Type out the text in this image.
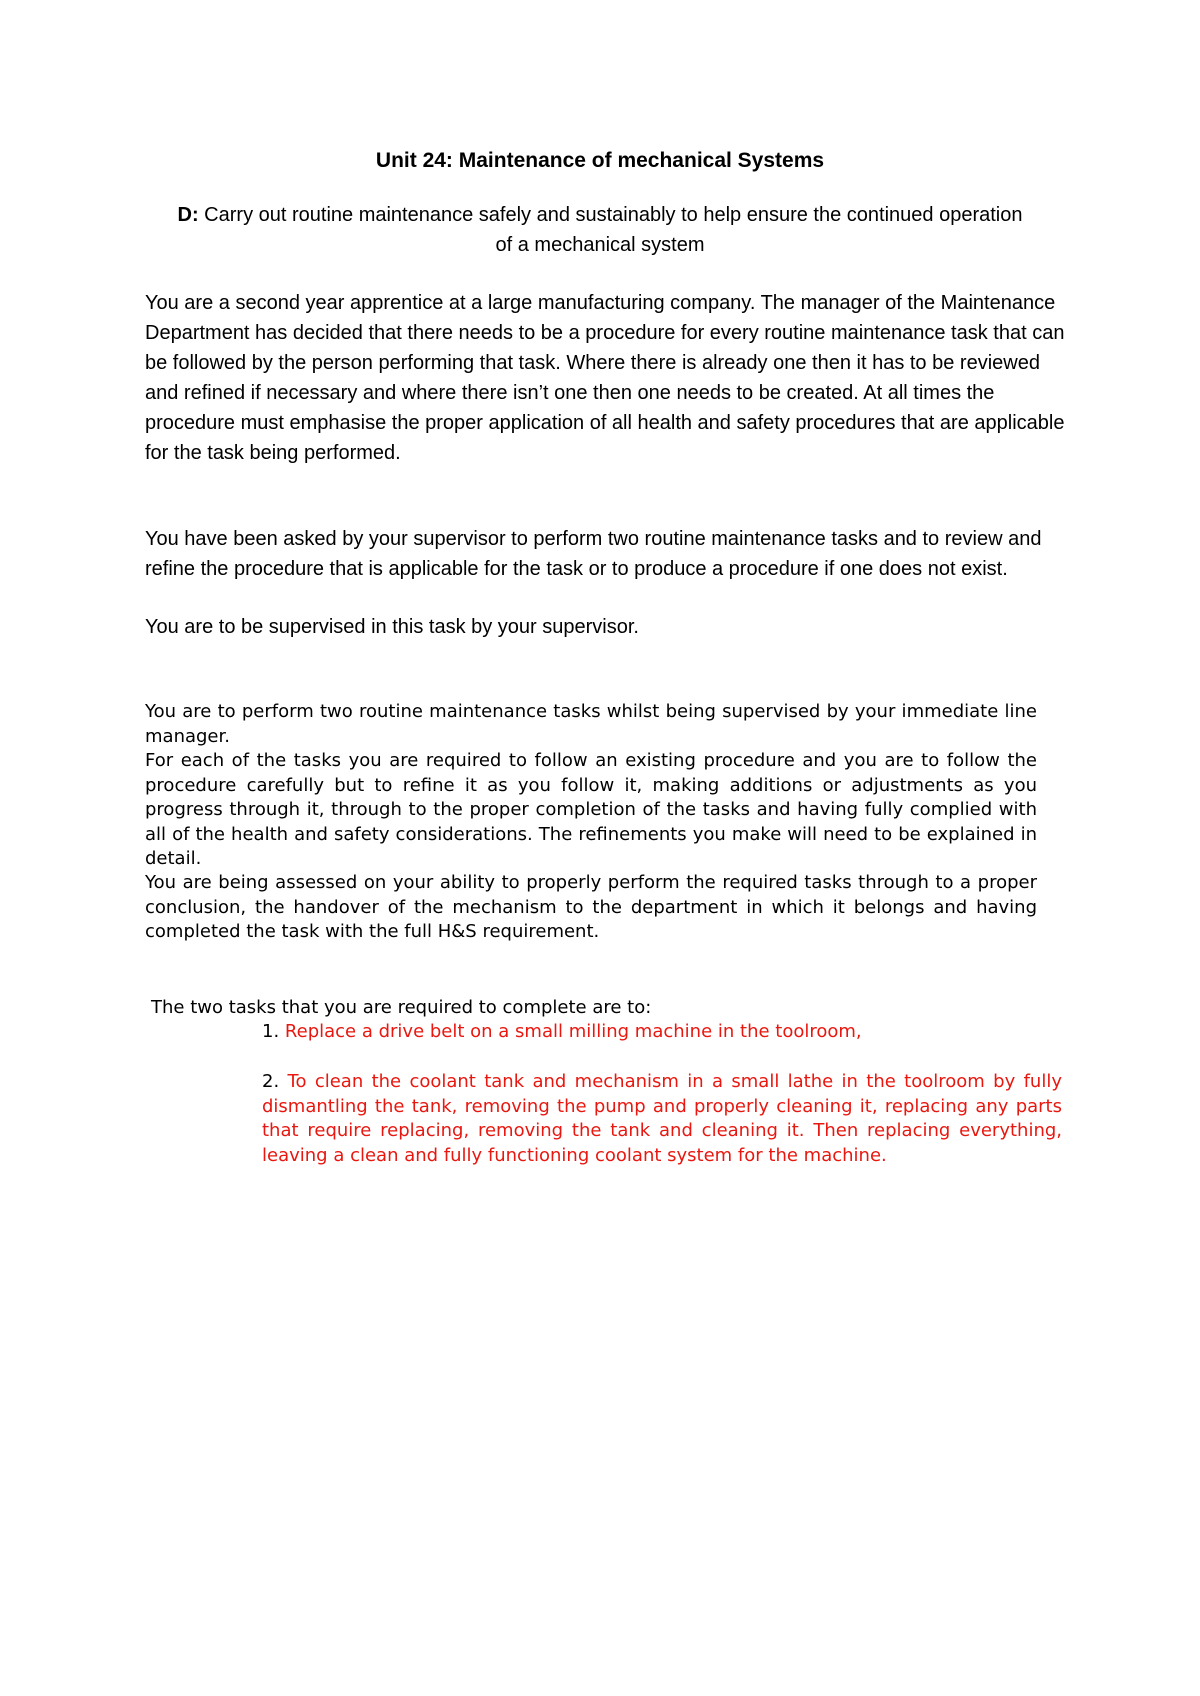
Unit 24: Maintenance of mechanical Systems

D: Carry out routine maintenance safely and sustainably to help ensure the continued operation of a mechanical system

You are a second year apprentice at a large manufacturing company. The manager of the Maintenance Department has decided that there needs to be a procedure for every routine maintenance task that can be followed by the person performing that task. Where there is already one then it has to be reviewed and refined if necessary and where there isn’t one then one needs to be created. At all times the procedure must emphasise the proper application of all health and safety procedures that are applicable for the task being performed.

You have been asked by your supervisor to perform two routine maintenance tasks and to review and refine the procedure that is applicable for the task or to produce a procedure if one does not exist.

You are to be supervised in this task by your supervisor.

You are to perform two routine maintenance tasks whilst being supervised by your immediate line manager.

For each of the tasks you are required to follow an existing procedure and you are to follow the procedure carefully but to refine it as you follow it, making additions or adjustments as you progress through it, through to the proper completion of the tasks and having fully complied with all of the health and safety considerations. The refinements you make will need to be explained in detail.

You are being assessed on your ability to properly perform the required tasks through to a proper conclusion, the handover of the mechanism to the department in which it belongs and having completed the task with the full H&S requirement.

The two tasks that you are required to complete are to:

1. Replace a drive belt on a small milling machine in the toolroom,

2. To clean the coolant tank and mechanism in a small lathe in the toolroom by fully dismantling the tank, removing the pump and properly cleaning it, replacing any parts that require replacing, removing the tank and cleaning it. Then replacing everything, leaving a clean and fully functioning coolant system for the machine.
